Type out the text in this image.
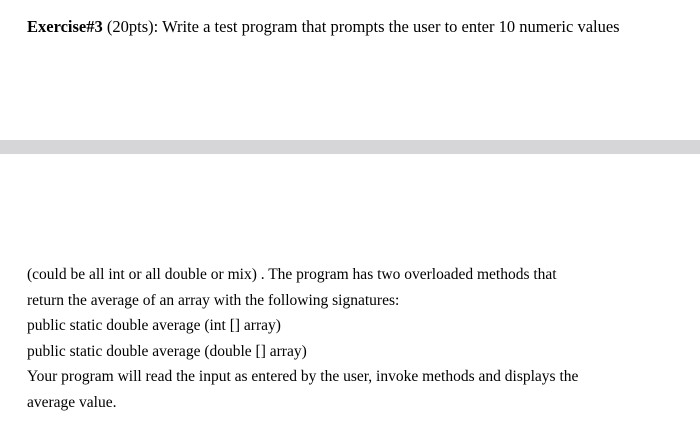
Exercise#3 (20pts): Write a test program that prompts the user to enter 10 numeric values
(could be all int or all double or mix) . The program has two overloaded methods that
return the average of an array with the following signatures:
public static double average (int [] array)
public static double average (double [] array)
Your program will read the input as entered by the user, invoke methods and displays the
average value.
